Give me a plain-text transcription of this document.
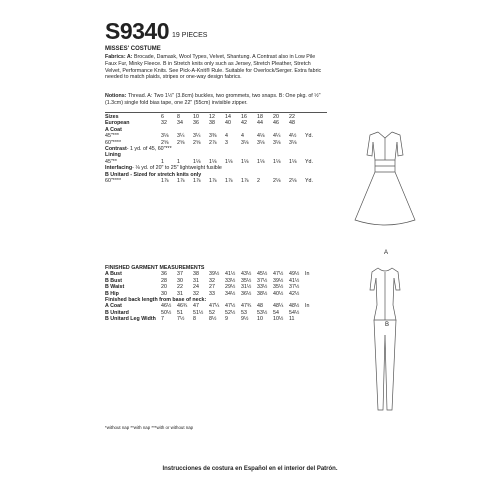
S9340 19 PIECES
MISSES' COSTUME
Fabrics: A: Brocade, Damask, Wool Types, Velvet, Shantung. A Contrast also in Low Pile Faux Fur, Minky Fleece. B in Stretch knits only such as Jersey, Stretch Pleather, Stretch Velvet, Performance Knits. See Pick-A-Knit® Rule. Suitable for Overlock/Serger. Extra fabric needed to match plaids, stripes or one-way design fabrics.
Notions: Thread. A: Two 1½" (3.8cm) buckles, two grommets, two snaps. B: One pkg. of ½" (1.3cm) single fold bias tape, one 22" (55cm) invisible zipper.
Sizes	6	8	10	12	14	16	18	20	22	
European	32	34	36	38	40	42	44	46	48	
A Coat										
45"***	3⅛	3¼	3¼	3⅜	4	4	4⅛	4¼	4½	Yd.
60"****	2⅝	2⅝	2⅝	2⅞	3	3⅛	3⅛	3⅛	3⅛	
Contrast- 1 yd. of 45, 60"***										
Lining										
45"**	1	1	1⅛	1⅛	1⅛	1⅛	1⅛	1⅛	1⅛	Yd.
Interfacing- ⅛ yd. of 20" to 25" lightweight fusible										
B Unitard - Sized for stretch knits only										
60"****	1⅞	1⅞	1⅞	1⅞	1⅞	1⅞	2	2⅛	2⅛	Yd.
FINISHED GARMENT MEASUREMENTS										
A Bust	36	37	38	39½	41½	43½	45½	47½	49½	In
B Bust	28	30	31	32	33½	35½	37½	39½	41½	
B Waist	20	22	24	27	29½	31½	33½	35½	37½	
B Hip	30	31	32	33	34½	36½	38½	40½	42½	
Finished back length from base of neck:										
A Coat	46½	46¾	47	47¼	47½	47¾	48	48¼	48½	In
B Unitard	50½	51	51½	52	52½	53	53½	54	54½	
B Unitard Leg Width	7	7½	8	8½	9	9½	10	10½	11	
*without nap **with nap ***with or without nap
Instrucciones de costura en Español en el interior del Patrón.
A
B
